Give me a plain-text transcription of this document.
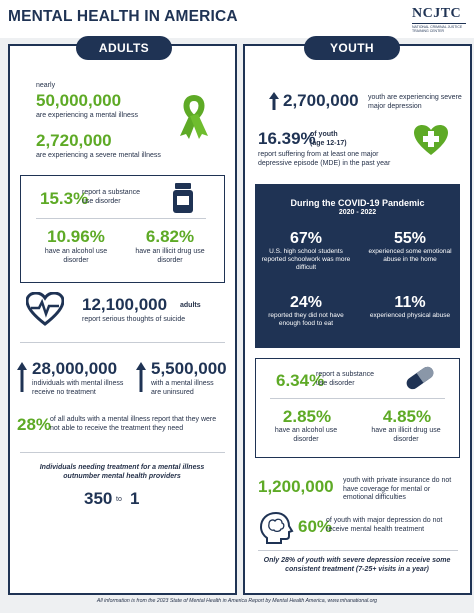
MENTAL HEALTH IN AMERICA	NCJTC
NATIONAL CRIMINAL JUSTICE TRAINING CENTER
ADULTS	YOUTH
nearly
50,000,000
are experiencing a mental illness
2,720,000
are experiencing a severe mental illness
15.3%
report a substance use disorder
10.96%
have an alcohol use disorder
6.82%
have an illicit drug use disorder
12,100,000 adults
report serious thoughts of suicide
28,000,000
individuals with mental illness receive no treatment
5,500,000
with a mental illness are uninsured
28%
of all adults with a mental illness report that they were not able to receive the treatment they need
Individuals needing treatment for a mental illness outnumber mental health providers
350 to 1
2,700,000 youth are experiencing severe major depression
16.39%
of youth
(age 12-17)
report suffering from at least one major depressive episode (MDE) in the past year
During the COVID-19 Pandemic
2020 - 2022
67%
U.S. high school students reported schoolwork was more difficult
55%
experienced some emotional abuse in the home
24%
reported they did not have enough food to eat
11%
experienced physical abuse
6.34%
report a substance use disorder
2.85%
have an alcohol use disorder
4.85%
have an illicit drug use disorder
1,200,000 youth with private insurance do not have coverage for mental or emotional difficulties
60%
of youth with major depression do not receive mental health treatment
Only 28% of youth with severe depression receive some consistent treatment (7-25+ visits in a year)
All information is from the 2023 State of Mental Health in America Report by Mental Health America, www.mhanational.org
